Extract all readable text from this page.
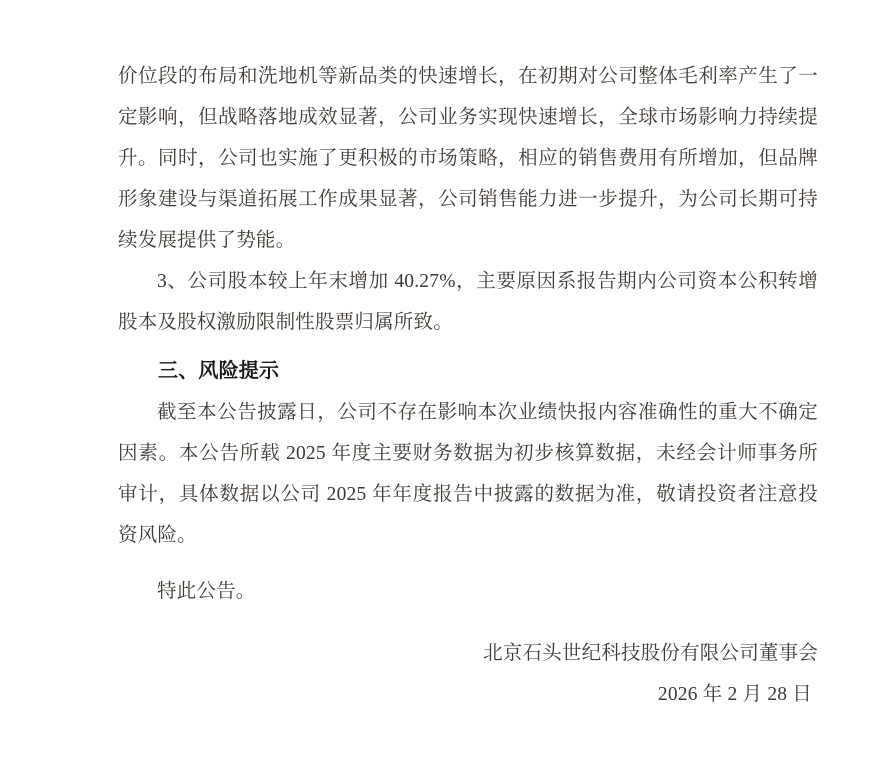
价位段的布局和洗地机等新品类的快速增长，在初期对公司整体毛利率产生了一

定影响，但战略落地成效显著，公司业务实现快速增长，全球市场影响力持续提

升。同时，公司也实施了更积极的市场策略，相应的销售费用有所增加，但品牌

形象建设与渠道拓展工作成果显著，公司销售能力进一步提升，为公司长期可持

续发展提供了势能。

3、公司股本较上年末增加 40.27%，主要原因系报告期内公司资本公积转增

股本及股权激励限制性股票归属所致。

三、风险提示

截至本公告披露日，公司不存在影响本次业绩快报内容准确性的重大不确定

因素。本公告所载 2025 年度主要财务数据为初步核算数据，未经会计师事务所

审计，具体数据以公司 2025 年年度报告中披露的数据为准，敬请投资者注意投

资风险。

特此公告。

北京石头世纪科技股份有限公司董事会

2026 年 2 月 28 日
